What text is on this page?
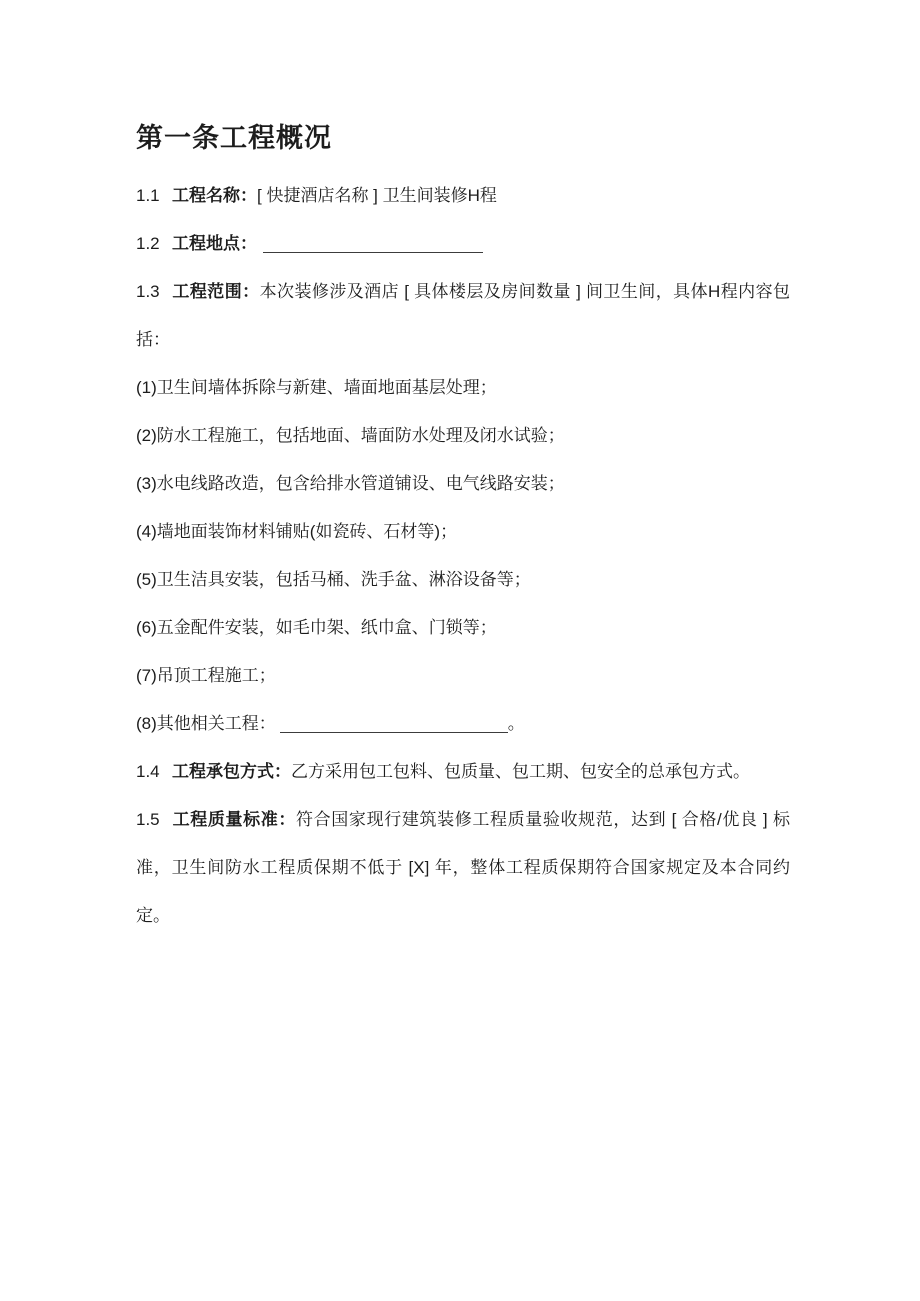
第一条工程概况

1.1 工程名称：[ 快捷酒店名称 ] 卫生间装修H程

1.2 工程地点：

1.3 工程范围：本次装修涉及酒店 [ 具体楼层及房间数量 ] 间卫生间，具体H程内容包括：

(1)卫生间墙体拆除与新建、墙面地面基层处理；

(2)防水工程施工，包括地面、墙面防水处理及闭水试验；

(3)水电线路改造，包含给排水管道铺设、电气线路安装；

(4)墙地面装饰材料铺贴(如瓷砖、石材等)；

(5)卫生洁具安装，包括马桶、洗手盆、淋浴设备等；

(6)五金配件安装，如毛巾架、纸巾盒、门锁等；

(7)吊顶工程施工；

(8)其他相关工程：	。

1.4 工程承包方式：乙方采用包工包料、包质量、包工期、包安全的总承包方式。

1.5 工程质量标准：符合国家现行建筑装修工程质量验收规范，达到 [ 合格/优良 ] 标准，卫生间防水工程质保期不低于 [X] 年，整体工程质保期符合国家规定及本合同约定。
